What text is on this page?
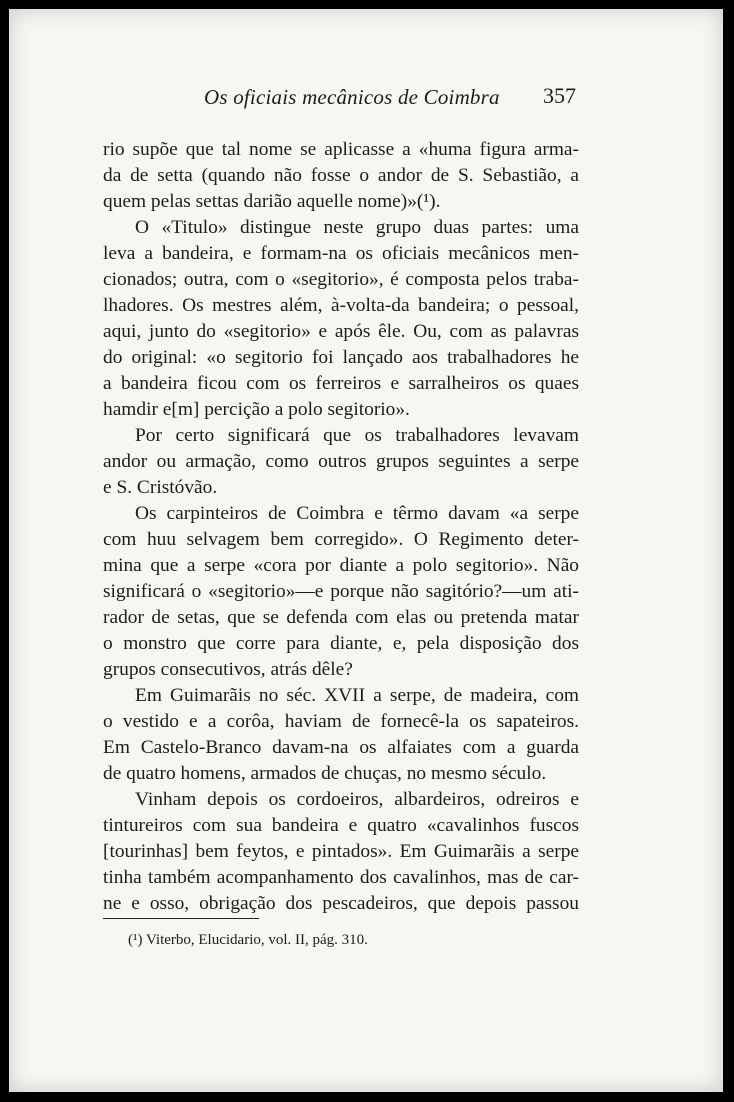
Os oficiais mecânicos de Coimbra 357
rio supõe que tal nome se aplicasse a «huma figura arma-
da de setta (quando não fosse o andor de S. Sebastião, a
quem pelas settas darião aquelle nome)»(¹).
O «Titulo» distingue neste grupo duas partes: uma
leva a bandeira, e formam-na os oficiais mecânicos men-
cionados; outra, com o «segitorio», é composta pelos traba-
lhadores. Os mestres além, à-volta-da bandeira; o pessoal,
aqui, junto do «segitorio» e após êle. Ou, com as palavras
do original: «o segitorio foi lançado aos trabalhadores he
a bandeira ficou com os ferreiros e sarralheiros os quaes
hamdir e[m] percição a polo segitorio».
Por certo significará que os trabalhadores levavam
andor ou armação, como outros grupos seguintes a serpe
e S. Cristóvão.
Os carpinteiros de Coimbra e têrmo davam «a serpe
com huu selvagem bem corregido». O Regimento deter-
mina que a serpe «cora por diante a polo segitorio». Não
significará o «segitorio»—e porque não sagitório?—um ati-
rador de setas, que se defenda com elas ou pretenda matar
o monstro que corre para diante, e, pela disposição dos
grupos consecutivos, atrás dêle?
Em Guimarãis no séc. XVII a serpe, de madeira, com
o vestido e a corôa, haviam de fornecê-la os sapateiros.
Em Castelo-Branco davam-na os alfaiates com a guarda
de quatro homens, armados de chuças, no mesmo século.
Vinham depois os cordoeiros, albardeiros, odreiros e
tintureiros com sua bandeira e quatro «cavalinhos fuscos
[tourinhas] bem feytos, e pintados». Em Guimarãis a serpe
tinha também acompanhamento dos cavalinhos, mas de car-
ne e osso, obrigação dos pescadeiros, que depois passou
(¹) Viterbo, Elucidario, vol. II, pág. 310.
